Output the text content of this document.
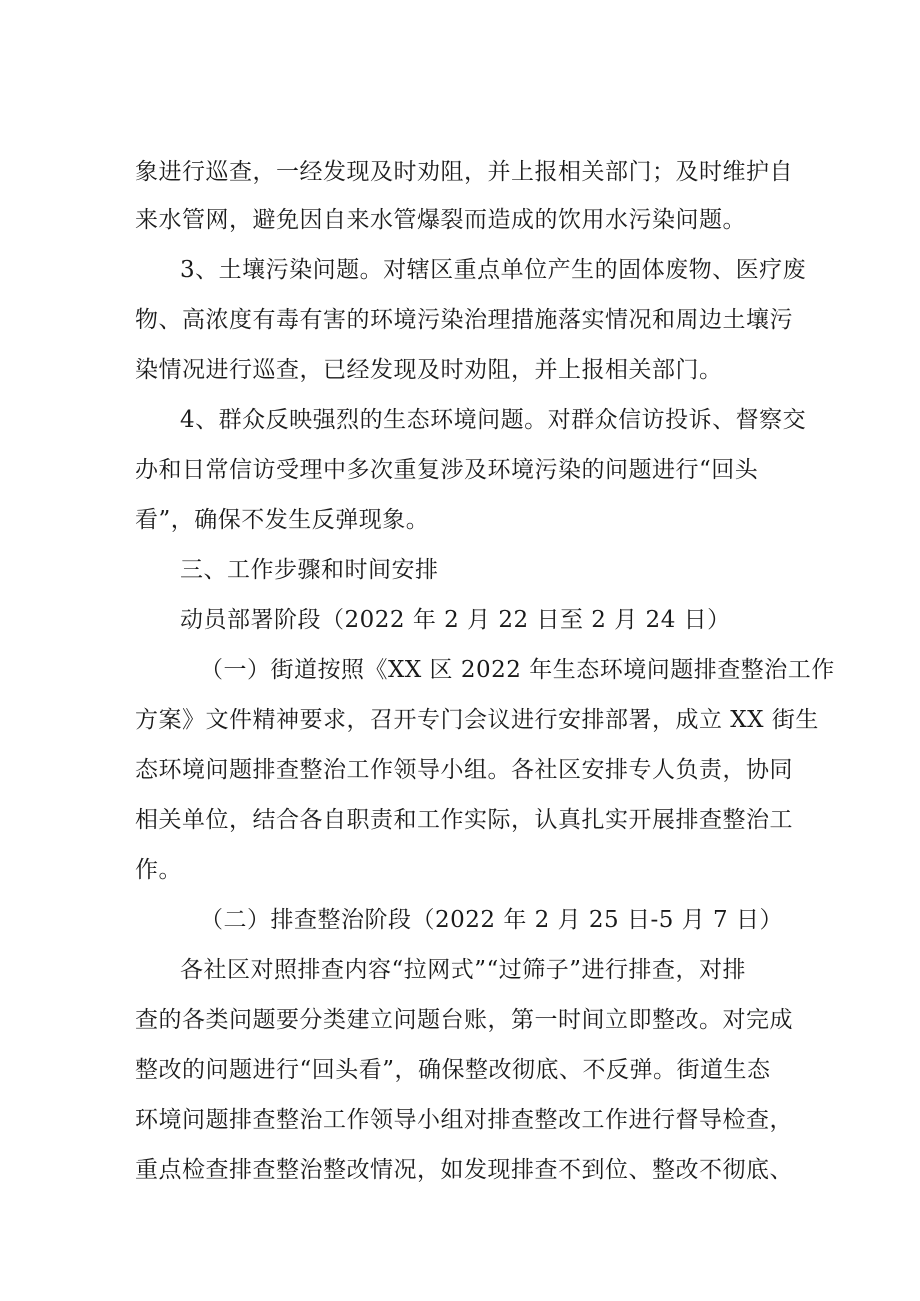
象进行巡查，一经发现及时劝阻，并上报相关部门；及时维护自
来水管网，避免因自来水管爆裂而造成的饮用水污染问题。
3、土壤污染问题。对辖区重点单位产生的固体废物、医疗废
物、高浓度有毒有害的环境污染治理措施落实情况和周边土壤污
染情况进行巡查，已经发现及时劝阻，并上报相关部门。
4、群众反映强烈的生态环境问题。对群众信访投诉、督察交
办和日常信访受理中多次重复涉及环境污染的问题进行“回头
看”，确保不发生反弹现象。
三、工作步骤和时间安排
动员部署阶段（2022 年 2 月 22 日至 2 月 24 日）
（一）街道按照《XX 区 2022 年生态环境问题排查整治工作
方案》文件精神要求，召开专门会议进行安排部署，成立 XX 街生
态环境问题排查整治工作领导小组。各社区安排专人负责，协同
相关单位，结合各自职责和工作实际，认真扎实开展排查整治工
作。
（二）排查整治阶段（2022 年 2 月 25 日-5 月 7 日）
各社区对照排查内容“拉网式”“过筛子”进行排查，对排
查的各类问题要分类建立问题台账，第一时间立即整改。对完成
整改的问题进行“回头看”，确保整改彻底、不反弹。街道生态
环境问题排查整治工作领导小组对排查整改工作进行督导检查，
重点检查排查整治整改情况，如发现排查不到位、整改不彻底、
